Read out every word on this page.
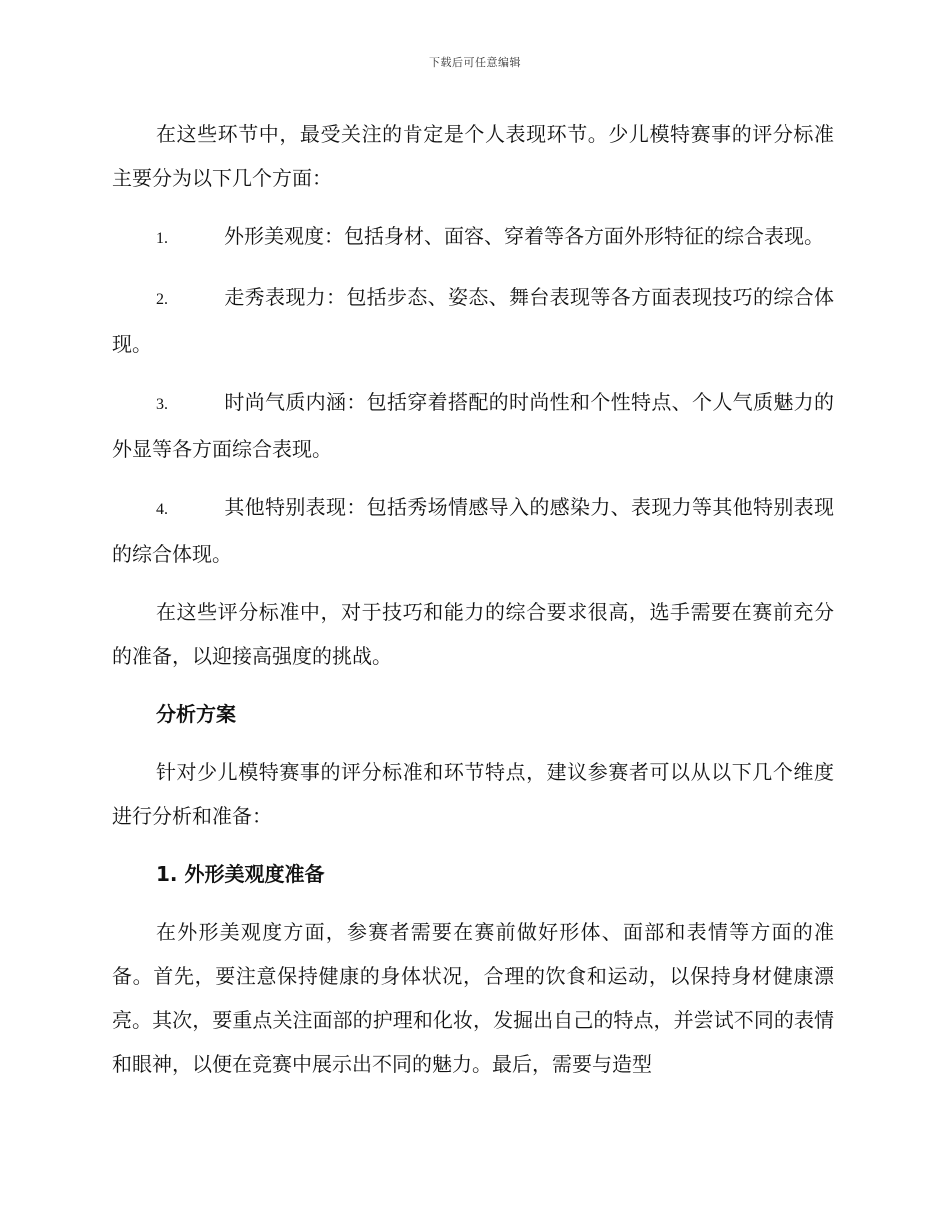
下载后可任意编辑

在这些环节中，最受关注的肯定是个人表现环节。少儿模特赛事的评分标准主要分为以下几个方面：

1.	外形美观度：包括身材、面容、穿着等各方面外形特征的综合表现。

2.	走秀表现力：包括步态、姿态、舞台表现等各方面表现技巧的综合体现。

3.	时尚气质内涵：包括穿着搭配的时尚性和个性特点、个人气质魅力的外显等各方面综合表现。

4.	其他特别表现：包括秀场情感导入的感染力、表现力等其他特别表现的综合体现。

在这些评分标准中，对于技巧和能力的综合要求很高，选手需要在赛前充分的准备，以迎接高强度的挑战。

分析方案

针对少儿模特赛事的评分标准和环节特点，建议参赛者可以从以下几个维度进行分析和准备：

1. 外形美观度准备

在外形美观度方面，参赛者需要在赛前做好形体、面部和表情等方面的准备。首先，要注意保持健康的身体状况，合理的饮食和运动，以保持身材健康漂亮。其次，要重点关注面部的护理和化妆，发掘出自己的特点，并尝试不同的表情和眼神，以便在竞赛中展示出不同的魅力。最后，需要与造型
